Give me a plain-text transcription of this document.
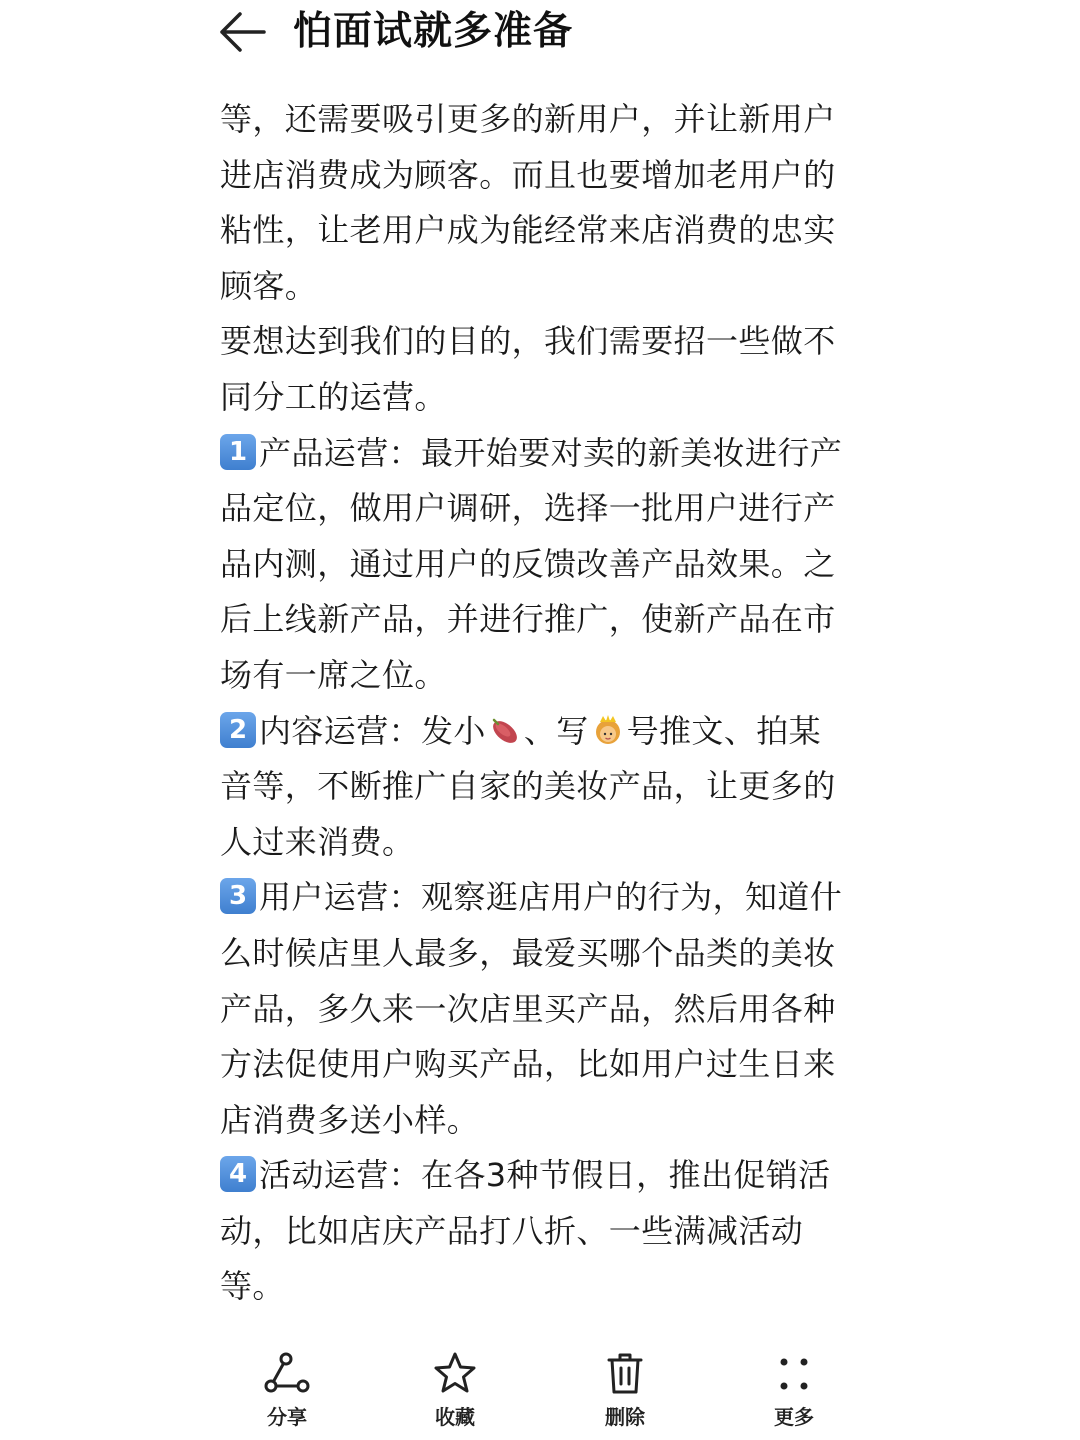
怕面试就多准备
等，还需要吸引更多的新用户，并让新用户
进店消费成为顾客。而且也要增加老用户的
粘性，让老用户成为能经常来店消费的忠实
顾客。
要想达到我们的目的，我们需要招一些做不
同分工的运营。
1 产品运营：最开始要对卖的新美妆进行产
品定位，做用户调研，选择一批用户进行产
品内测，通过用户的反馈改善产品效果。之
后上线新产品，并进行推广，使新产品在市
场有一席之位。
2 内容运营：发小 、写 号推文、拍某
音等，不断推广自家的美妆产品，让更多的
人过来消费。
3 用户运营：观察逛店用户的行为，知道什
么时候店里人最多，最爱买哪个品类的美妆
产品，多久来一次店里买产品，然后用各种
方法促使用户购买产品，比如用户过生日来
店消费多送小样。
4 活动运营：在各3种节假日，推出促销活
动，比如店庆产品打八折、一些满减活动
等。
分享	收藏	删除	更多
